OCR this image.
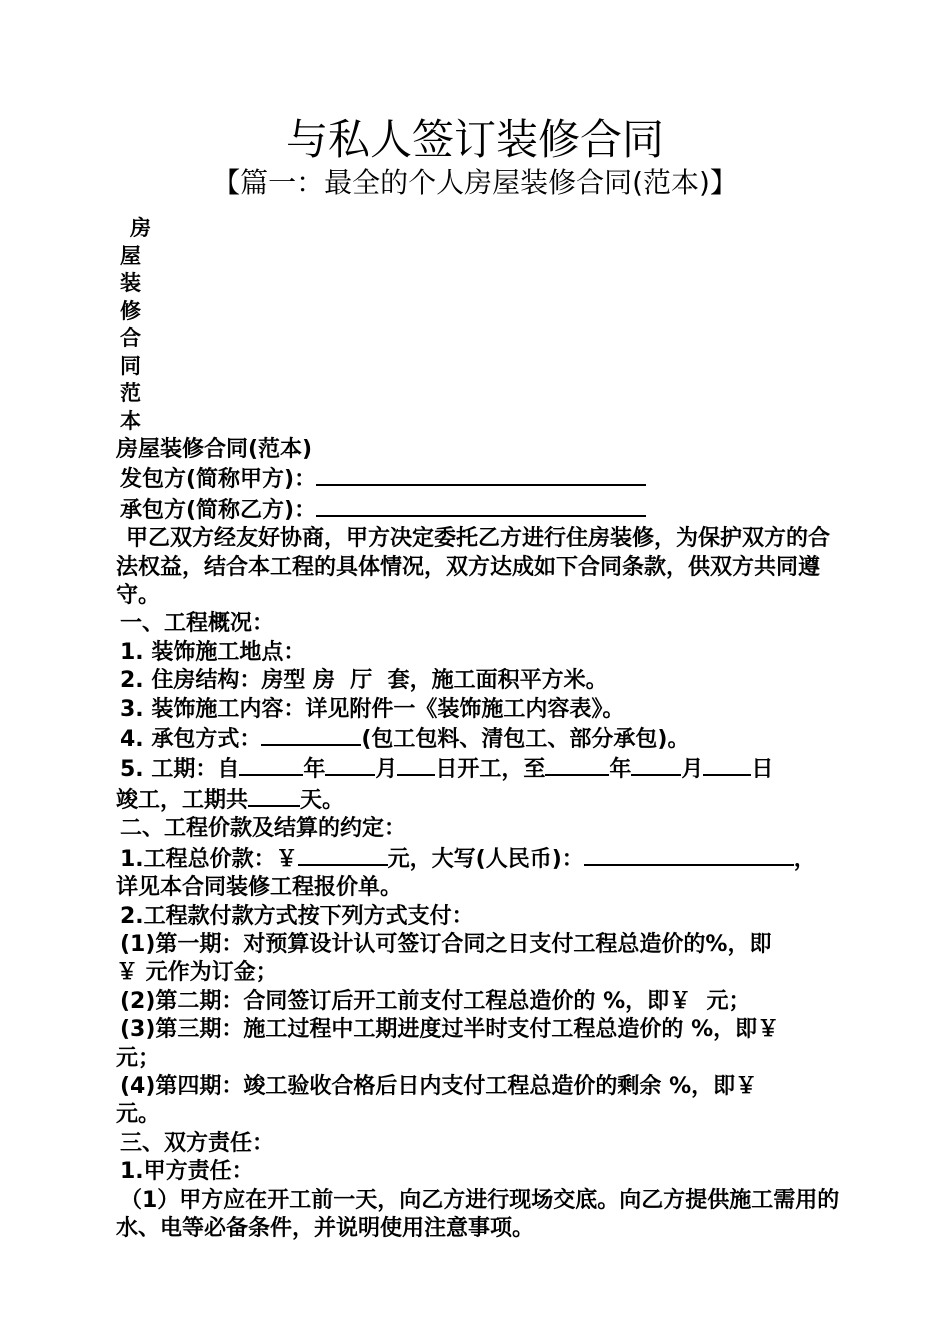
与私人签订装修合同
【篇一：最全的个人房屋装修合同(范本)】
房
屋
装
修
合
同
范
本

房屋装修合同(范本)

发包方(简称甲方)：

承包方(简称乙方)：

甲乙双方经友好协商，甲方决定委托乙方进行住房装修，为保护双方的合法权益，结合本工程的具体情况，双方达成如下合同条款，供双方共同遵守。

一、工程概况：

1. 装饰施工地点：

2. 住房结构：房型 房  厅  套，施工面积平方米。

3. 装饰施工内容：详见附件一《装饰施工内容表》。

4. 承包方式：	(包工包料、清包工、部分承包)。

5. 工期：自	年 月 日开工，至	年 月 日

竣工，工期共 天。

二、工程价款及结算的约定：

1.工程总价款：￥	元，大写(人民币)：	，

详见本合同装修工程报价单。

2.工程款付款方式按下列方式支付：

(1)第一期：对预算设计认可签订合同之日支付工程总造价的%，即

￥ 元作为订金；

(2)第二期：合同签订后开工前支付工程总造价的 %，即￥  元；

(3)第三期：施工过程中工期进度过半时支付工程总造价的 %，即￥

元；

(4)第四期：竣工验收合格后日内支付工程总造价的剩余 %，即￥

元。

三、双方责任：

1.甲方责任：

（1）甲方应在开工前一天，向乙方进行现场交底。向乙方提供施工需用的水、电等必备条件，并说明使用注意事项。
